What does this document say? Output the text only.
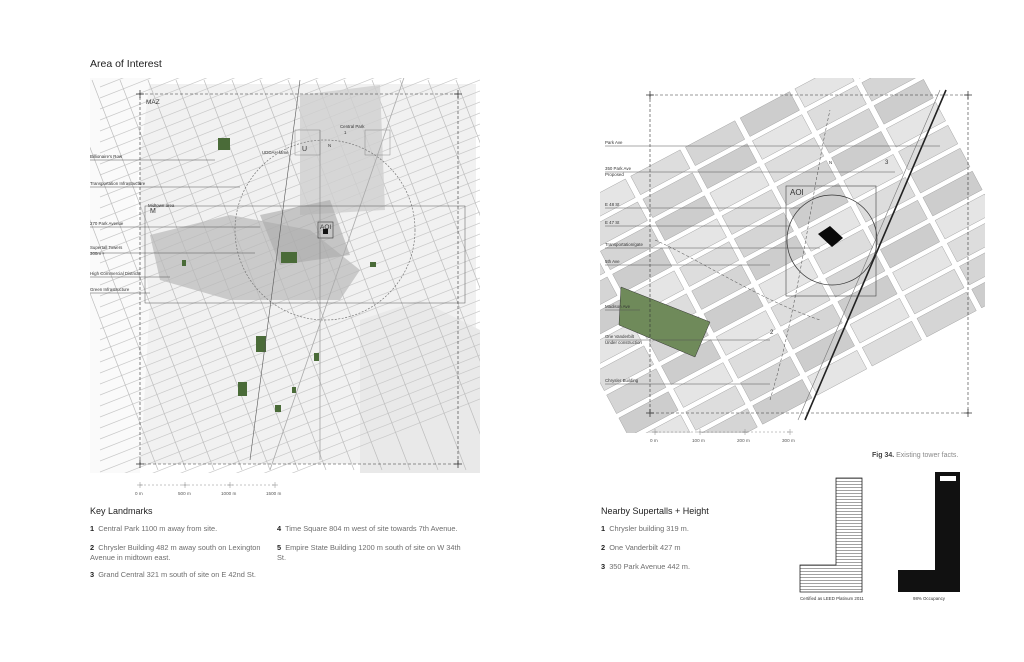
Area of Interest
MAZ
M
U
AOI
N
Central Park
1
UDDAH fame
Billionaire's Row
Transportation Infrastructure
Midtown area
270 Park Avenue
Supertall Towers
300m +
High Commercial Districts
Green Infrastructure
0 m	500 m	1000 m	1500 m
Key Landmarks
1 Central Park 1100 m away from site.
2 Chrysler Building 482 m away south on Lexington Avenue in midtown east.
3 Grand Central 321 m south of site on E 42nd St.
4 Time Square 804 m west of site towards 7th Avenue.
5 Empire State Building 1200 m south of site on W 34th St.
AOI
N	3
2
Park Ave
350 Park Ave
Proposed
E 48 St
E 47 St
Transportation/gate
5th Ave
Madison Ave
One Vanderbilt
Under construction
Chrysler Building
0 m	100 m	200 m	300 m
Fig 34. Existing tower facts.
Nearby Supertalls + Height
1 Chrysler building 319 m.
2 One Vanderbilt 427 m
3 350 Park Avenue 442 m.
Certified as LEED Platinum 2011	98% Occupancy
